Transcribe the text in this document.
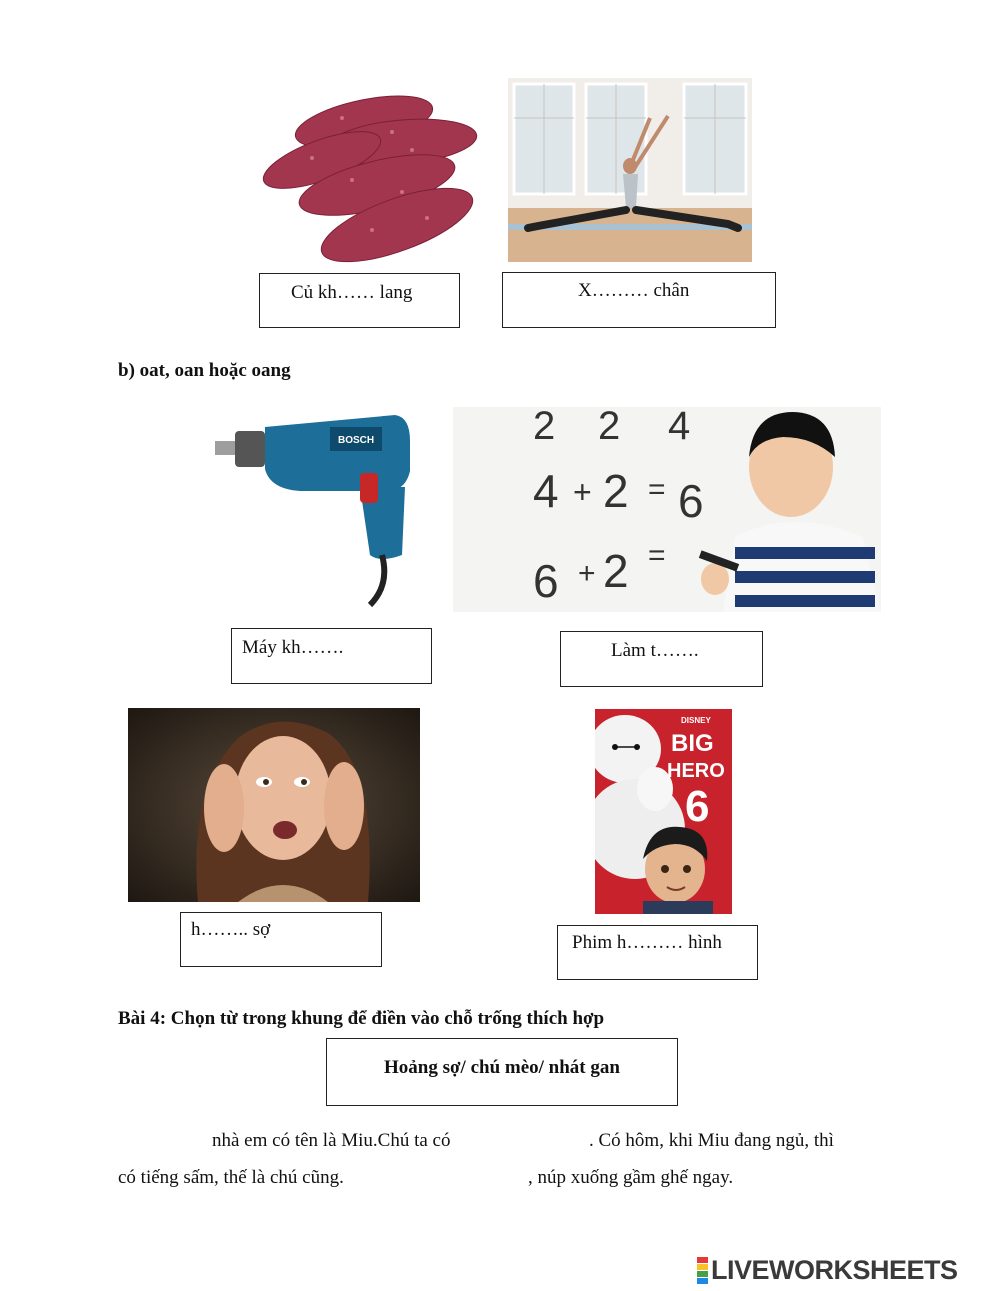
Củ kh…… lang	X……… chân
b) oat, oan hoặc oang
BOSCH
★
2 2 4
4 + 2 = 6
6 + 2 =
Máy kh…….	Làm t…….
DISNEY
BIG
HERO
6
h…….. sợ
Phim h……… hình
Bài 4: Chọn từ trong khung để điền vào chỗ trống thích hợp
Hoảng sợ/ chú mèo/ nhát gan
nhà em có tên là Miu.Chú ta có	. Có hôm, khi Miu đang ngủ, thì
có tiếng sấm, thế là chú cũng.	, núp xuống gầm ghế ngay.
LIVEWORKSHEETS
